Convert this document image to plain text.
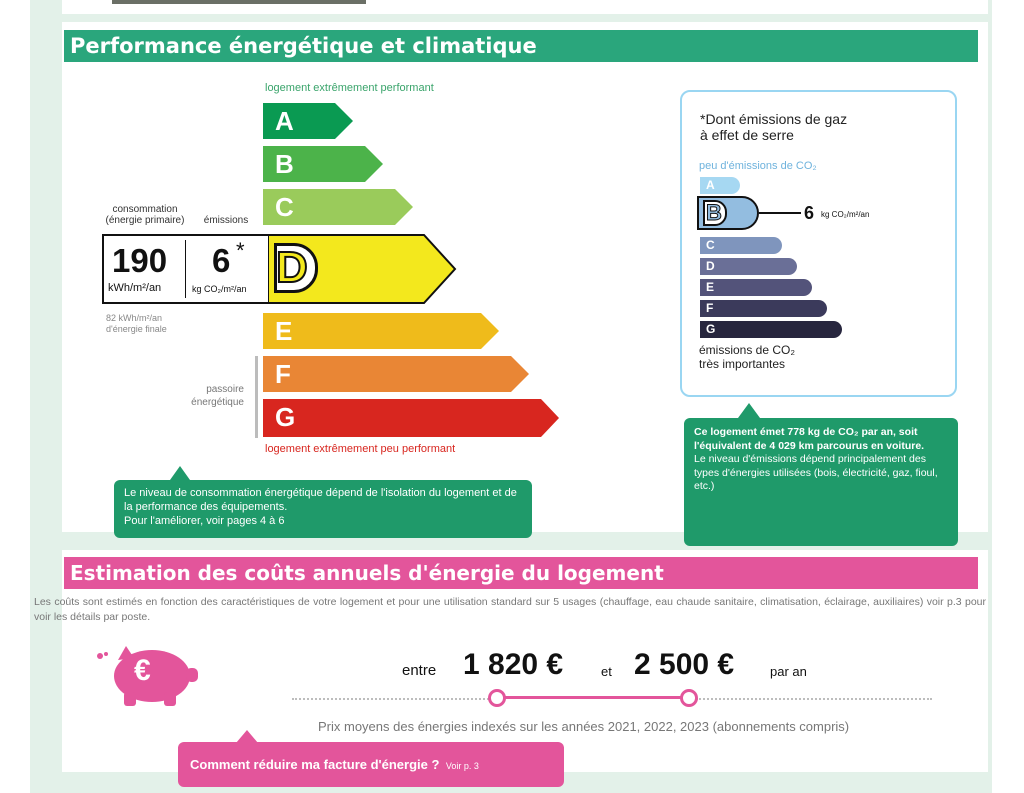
Performance énergétique et climatique
logement extrêmement performant
A
B
C
D
E
F
G
logement extrêmement peu performant
passoire
énergétique
consommation
(énergie primaire)	émissions
190
kWh/m²/an
6 *
kg CO₂/m²/an
82 kWh/m²/an
d'énergie finale
Le niveau de consommation énergétique dépend de l'isolation du logement et de la performance des équipements.
Pour l'améliorer, voir pages 4 à 6
*Dont émissions de gaz
à effet de serre
peu d'émissions de CO₂
A
B	6 kg CO₂/m²/an
C
D
E
F
G
émissions de CO₂
très importantes
Ce logement émet 778 kg de CO₂ par an, soit l'équivalent de 4 029 km parcourus en voiture.
Le niveau d'émissions dépend principalement des types d'énergies utilisées (bois, électricité, gaz, fioul, etc.)
Estimation des coûts annuels d'énergie du logement
Les coûts sont estimés en fonction des caractéristiques de votre logement et pour une utilisation standard sur 5 usages (chauffage, eau chaude sanitaire, climatisation, éclairage, auxiliaires) voir p.3 pour voir les détails par poste.
€	entre 1 820 €	et 2 500 €	par an
Prix moyens des énergies indexés sur les années 2021, 2022, 2023 (abonnements compris)
Comment réduire ma facture d'énergie ? Voir p. 3
